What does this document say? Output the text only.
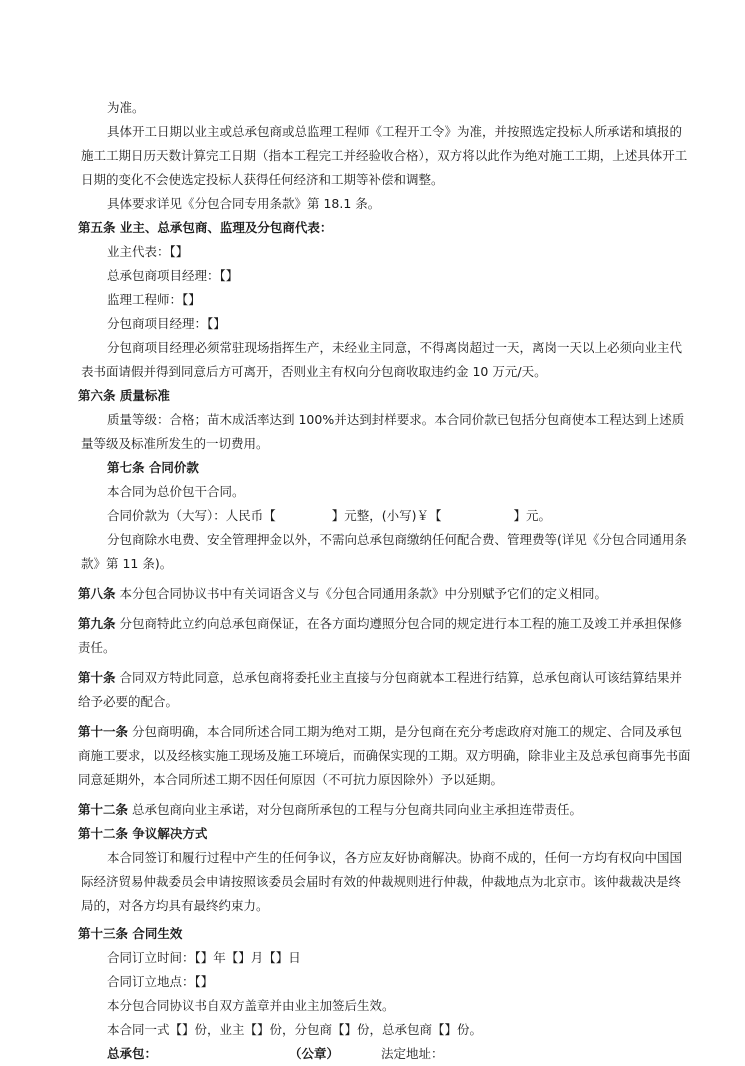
为准。

具体开工日期以业主或总承包商或总监理工程师《工程开工令》为准，并按照选定投标人所承诺和填报的施工工期日历天数计算完工日期（指本工程完工并经验收合格），双方将以此作为绝对施工工期，上述具体开工日期的变化不会使选定投标人获得任何经济和工期等补偿和调整。

具体要求详见《分包合同专用条款》第 18.1 条。

第五条 业主、总承包商、监理及分包商代表：

业主代表：【】

总承包商项目经理：【】

监理工程师：【】

分包商项目经理：【】

分包商项目经理必须常驻现场指挥生产，未经业主同意，不得离岗超过一天，离岗一天以上必须向业主代表书面请假并得到同意后方可离开，否则业主有权向分包商收取违约金 10 万元/天。

第六条 质量标准

质量等级：合格；苗木成活率达到 100%并达到封样要求。本合同价款已包括分包商使本工程达到上述质量等级及标准所发生的一切费用。

第七条 合同价款

本合同为总价包干合同。

合同价款为（大写）：人民币【	】元整，(小写)￥【	】元。

分包商除水电费、安全管理押金以外，不需向总承包商缴纳任何配合费、管理费等(详见《分包合同通用条款》第 11 条)。

第八条 本分包合同协议书中有关词语含义与《分包合同通用条款》中分别赋予它们的定义相同。

第九条 分包商特此立约向总承包商保证，在各方面均遵照分包合同的规定进行本工程的施工及竣工并承担保修责任。

第十条 合同双方特此同意，总承包商将委托业主直接与分包商就本工程进行结算，总承包商认可该结算结果并给予必要的配合。

第十一条 分包商明确，本合同所述合同工期为绝对工期，是分包商在充分考虑政府对施工的规定、合同及承包商施工要求，以及经核实施工现场及施工环境后，而确保实现的工期。双方明确，除非业主及总承包商事先书面同意延期外，本合同所述工期不因任何原因（不可抗力原因除外）予以延期。

第十二条 总承包商向业主承诺，对分包商所承包的工程与分包商共同向业主承担连带责任。

第十二条 争议解决方式

本合同签订和履行过程中产生的任何争议，各方应友好协商解决。协商不成的，任何一方均有权向中国国际经济贸易仲裁委员会申请按照该委员会届时有效的仲裁规则进行仲裁，仲裁地点为北京市。该仲裁裁决是终局的，对各方均具有最终约束力。

第十三条 合同生效

合同订立时间：【】年【】月【】日

合同订立地点：【】

本分包合同协议书自双方盖章并由业主加签后生效。

本合同一式【】份，业主【】份，分包商【】份，总承包商【】份。

总承包：	（公章）	法定地址：
